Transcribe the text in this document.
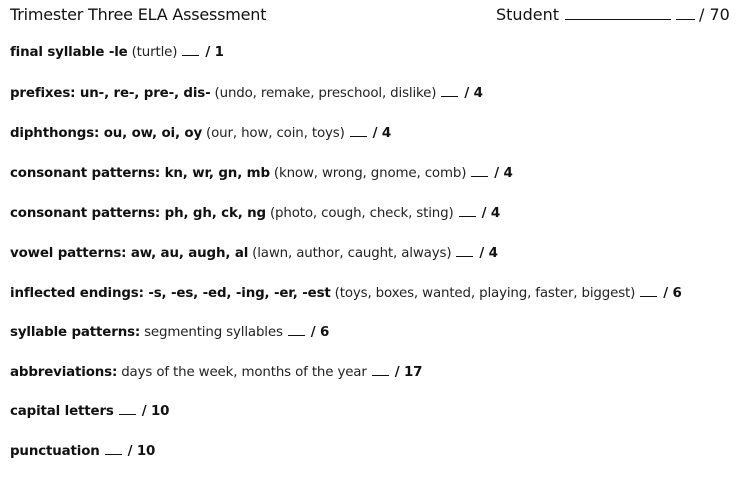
Trimester Three ELA Assessment	Student	/ 70
final syllable -le (turtle) / 1
prefixes: un-, re-, pre-, dis- (undo, remake, preschool, dislike) / 4
diphthongs: ou, ow, oi, oy (our, how, coin, toys) / 4
consonant patterns: kn, wr, gn, mb (know, wrong, gnome, comb) / 4
consonant patterns: ph, gh, ck, ng (photo, cough, check, sting) / 4
vowel patterns: aw, au, augh, al (lawn, author, caught, always) / 4
inflected endings: -s, -es, -ed, -ing, -er, -est (toys, boxes, wanted, playing, faster, biggest) / 6
syllable patterns: segmenting syllables / 6
abbreviations: days of the week, months of the year / 17
capital letters / 10
punctuation / 10
